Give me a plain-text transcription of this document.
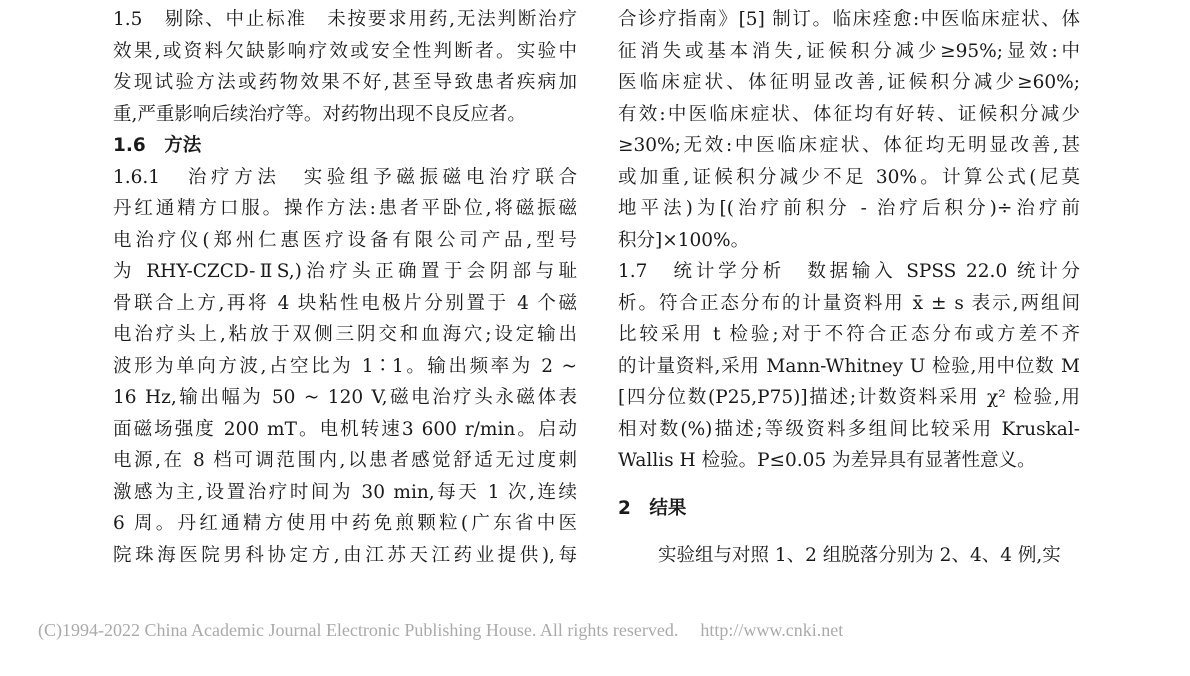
1.5　剔除、中止标准　未按要求用药,无法判断治疗
效果,或资料欠缺影响疗效或安全性判断者。实验中
发现试验方法或药物效果不好,甚至导致患者疾病加
重,严重影响后续治疗等。对药物出现不良反应者。
1.6　方法
1.6.1　治疗方法　实验组予磁振磁电治疗联合
丹红通精方口服。操作方法:患者平卧位,将磁振磁
电治疗仪(郑州仁惠医疗设备有限公司产品,型号
为 RHY-CZCD-ⅡS,)治疗头正确置于会阴部与耻
骨联合上方,再将 4 块粘性电极片分别置于 4 个磁
电治疗头上,粘放于双侧三阴交和血海穴;设定输出
波形为单向方波,占空比为 1∶1。输出频率为 2 ~
16 Hz,输出幅为 50 ~ 120 V,磁电治疗头永磁体表
面磁场强度 200 mT。电机转速3 600 r/min。启动
电源,在 8 档可调范围内,以患者感觉舒适无过度刺
激感为主,设置治疗时间为 30 min,每天 1 次,连续
6 周。丹红通精方使用中药免煎颗粒(广东省中医
院珠海医院男科协定方,由江苏天江药业提供),每
合诊疗指南》[5] 制订。临床痊愈:中医临床症状、体
征消失或基本消失,证候积分减少≥95%;显效:中
医临床症状、体征明显改善,证候积分减少≥60%;
有效:中医临床症状、体征均有好转、证候积分减少
≥30%;无效:中医临床症状、体征均无明显改善,甚
或加重,证候积分减少不足 30%。计算公式(尼莫
地平法)为[(治疗前积分 - 治疗后积分)÷治疗前
积分]×100%。
1.7　统计学分析　数据输入 SPSS 22.0 统计分
析。符合正态分布的计量资料用 x̄ ± s 表示,两组间
比较采用 t 检验;对于不符合正态分布或方差不齐
的计量资料,采用 Mann-Whitney U 检验,用中位数 M
[四分位数(P25,P75)]描述;计数资料采用 χ² 检验,用
相对数(%)描述;等级资料多组间比较采用 Kruskal-
Wallis H 检验。P≤0.05 为差异具有显著性意义。
2　结果
实验组与对照 1、2 组脱落分别为 2、4、4 例,实
(C)1994-2022 China Academic Journal Electronic Publishing House. All rights reserved. http://www.cnki.net
